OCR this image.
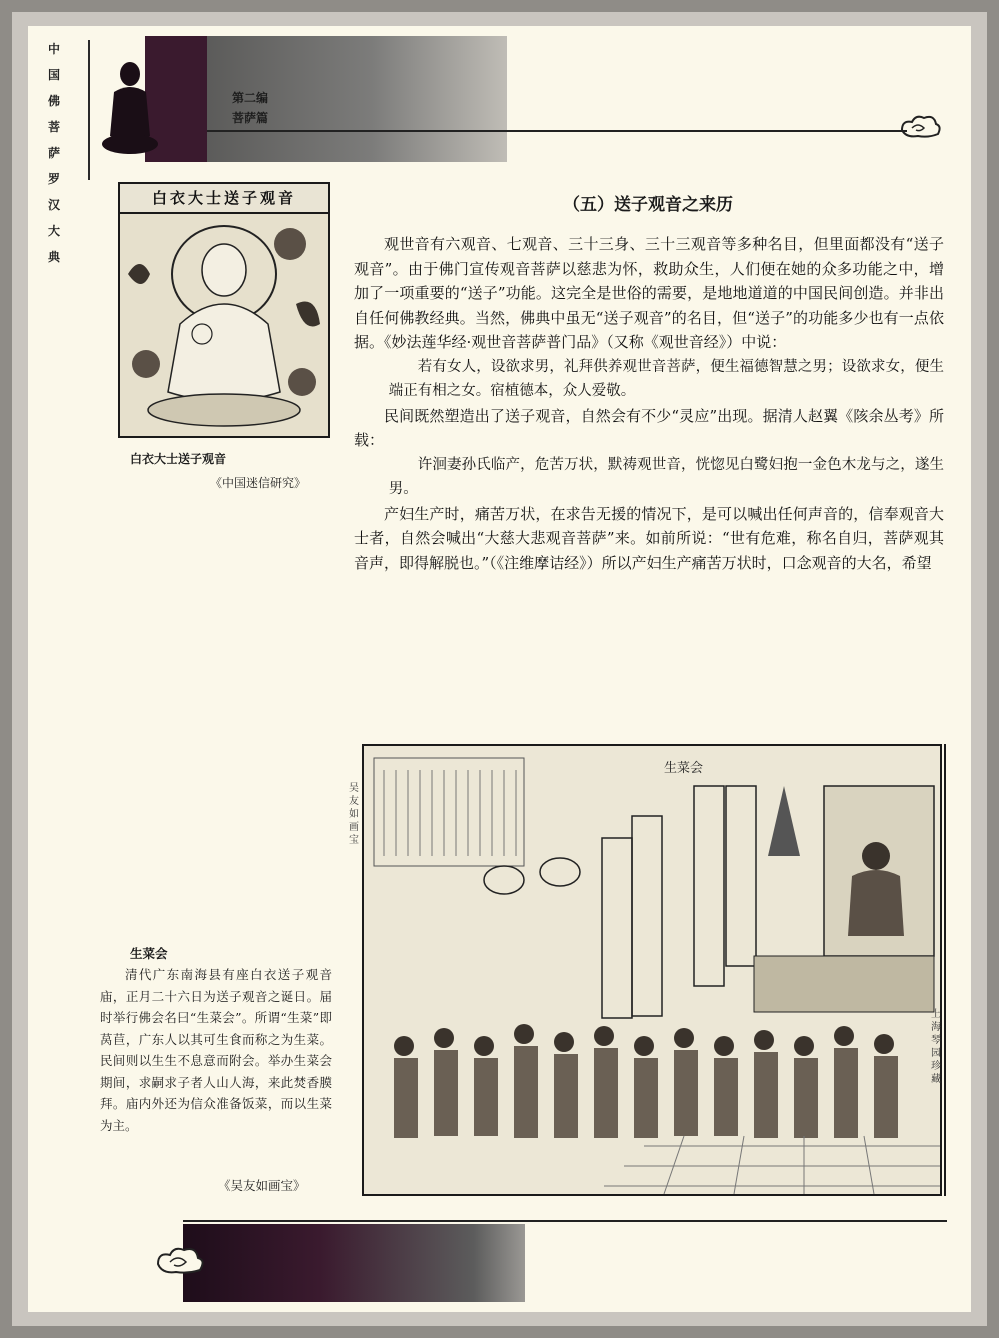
中
国
佛
菩
萨
罗
汉
大
典
第二编
菩萨篇
白衣大士送子观音
白衣大士送子观音
《中国迷信研究》
（五）送子观音之来历

观世音有六观音、七观音、三十三身、三十三观音等多种名目，但里面都没有“送子观音”。由于佛门宣传观音菩萨以慈悲为怀，救助众生，人们便在她的众多功能之中，增加了一项重要的“送子”功能。这完全是世俗的需要，是地地道道的中国民间创造。并非出自任何佛教经典。当然，佛典中虽无“送子观音”的名目，但“送子”的功能多少也有一点依据。《妙法莲华经·观世音菩萨普门品》（又称《观世音经》）中说：

若有女人，设欲求男，礼拜供养观世音菩萨，便生福德智慧之男；设欲求女，便生端正有相之女。宿植德本，众人爱敬。

民间既然塑造出了送子观音，自然会有不少“灵应”出现。据清人赵翼《陔余丛考》所载：

许洄妻孙氏临产，危苦万状，默祷观世音，恍惚见白鹭妇抱一金色木龙与之，遂生男。

产妇生产时，痛苦万状，在求告无援的情况下，是可以喊出任何声音的，信奉观音大士者，自然会喊出“大慈大悲观音菩萨”来。如前所说：“世有危难，称名自归，菩萨观其音声，即得解脱也。”（《注维摩诘经》）所以产妇生产痛苦万状时，口念观音的大名，希望

吴友如画宝
生菜会
上海琴园珍藏
生菜会
清代广东南海县有座白衣送子观音庙，正月二十六日为送子观音之诞日。届时举行佛会名曰“生菜会”。所谓“生菜”即莴苣，广东人以其可生食而称之为生菜。民间则以生生不息意而附会。举办生菜会期间，求嗣求子者人山人海，来此焚香膜拜。庙内外还为信众准备饭菜，而以生菜为主。
《吴友如画宝》
